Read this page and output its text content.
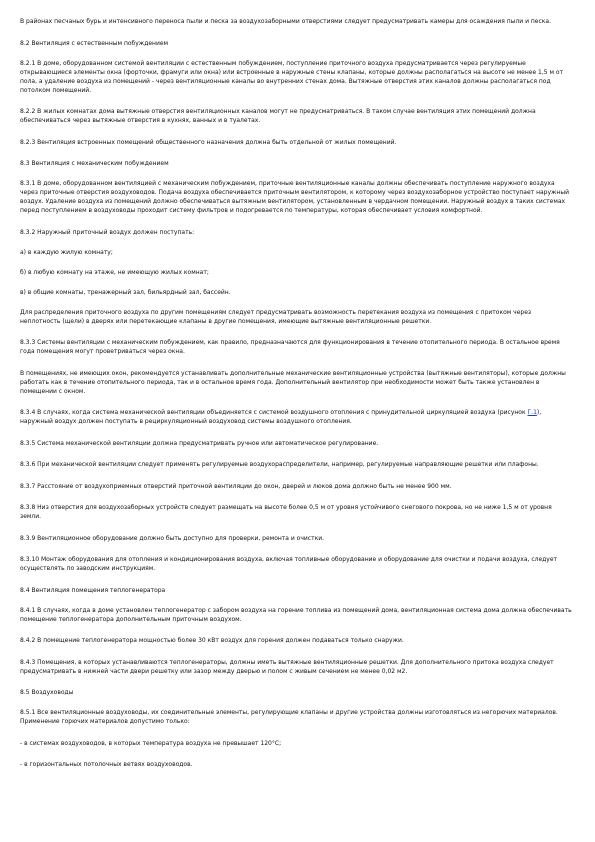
В районах песчаных бурь и интенсивного переноса пыли и песка за воздухозаборными отверстиями следует предусматривать камеры для осаждения пыли и песка.

8.2 Вентиляция с естественным побуждением

8.2.1 В доме, оборудованном системой вентиляции с естественным побуждением, поступление приточного воздуха предусматривается через регулируемые открывающиеся элементы окна (форточки, фрамуги или окна) или встроенные в наружные стены клапаны, которые должны располагаться на высоте не менее 1,5 м от пола, а удаление воздуха из помещений - через вентиляционные каналы во внутренних стенах дома. Вытяжные отверстия этих каналов должны располагаться под потолком помещений.

8.2.2 В жилых комнатах дома вытяжные отверстия вентиляционных каналов могут не предусматриваться. В таком случае вентиляция этих помещений должна обеспечиваться через вытяжные отверстия в кухнях, ванных и в туалетах.

8.2.3 Вентиляция встроенных помещений общественного назначения должна быть отдельной от жилых помещений.

8.3 Вентиляция с механическим побуждением

8.3.1 В доме, оборудованном вентиляцией с механическим побуждением, приточные вентиляционные каналы должны обеспечивать поступление наружного воздуха через приточные отверстия воздуховодов. Подача воздуха обеспечивается приточным вентилятором, к которому через воздухозаборное устройство поступает наружный воздух. Удаление воздуха из помещений должно обеспечиваться вытяжным вентилятором, установленным в чердачном помещении. Наружный воздух в таких системах перед поступлением в воздуховоды проходит систему фильтров и подогревается по температуры, которая обеспечивает условия комфортной.

8.3.2 Наружный приточный воздух должен поступать:

а) в каждую жилую комнату;

б) в любую комнату на этаже, не имеющую жилых комнат;

в) в общие комнаты, тренажерный зал, бильярдный зал, бассейн.

Для распределения приточного воздуха по другим помещениям следует предусматривать возможность перетекания воздуха из помещения с притоком через неплотность (щели) в дверях или перетекающие клапаны в другие помещения, имеющие вытяжные вентиляционные решетки.

8.3.3 Системы вентиляции с механическим побуждением, как правило, предназначаются для функционирования в течение отопительного периода. В остальное время года помещения могут проветриваться через окна.

В помещениях, не имеющих окон, рекомендуется устанавливать дополнительные механические вентиляционные устройства (вытяжные вентиляторы), которые должны работать как в течение отопительного периода, так и в остальное время года. Дополнительный вентилятор при необходимости может быть также установлен в помещении с окном.

8.3.4 В случаях, когда система механической вентиляции объединяется с системой воздушного отопления с принудительной циркуляцией воздуха (рисунок Г.1), наружный воздух должен поступать в рециркуляционный воздуховод системы воздушного отопления.

8.3.5 Система механической вентиляции должна предусматривать ручное или автоматическое регулирование.

8.3.6 При механической вентиляции следует применять регулируемые воздухораспределители, например, регулируемые направляющие решетки или плафоны.

8.3.7 Расстояние от воздухоприемных отверстий приточной вентиляции до окон, дверей и люков дома должно быть не менее 900 мм.

8.3.8 Низ отверстия для воздухозаборных устройств следует размещать на высоте более 0,5 м от уровня устойчивого снегового покрова, но не ниже 1,5 м от уровня земли.

8.3.9 Вентиляционное оборудование должно быть доступно для проверки, ремонта и очистки.

8.3.10 Монтаж оборудования для отопления и кондиционирования воздуха, включая топливные оборудование и оборудование для очистки и подачи воздуха, следует осуществлять по заводским инструкциям.

8.4 Вентиляция помещения теплогенератора

8.4.1 В случаях, когда в доме установлен теплогенератор с забором воздуха на горение топлива из помещений дома, вентиляционная система дома должна обеспечивать помещение теплогенератора дополнительным приточным воздухом.

8.4.2 В помещение теплогенератора мощностью более 30 кВт воздух для горения должен подаваться только снаружи.

8.4.3 Помещения, в которых устанавливаются теплогенераторы, должны иметь вытяжные вентиляционные решетки. Для дополнительного притока воздуха следует предусматривать в нижней части двери решетку или зазор между дверью и полом с живым сечением не менее 0,02 м2.

8.5 Воздуховоды

8.5.1 Все вентиляционные воздуховоды, их соединительные элементы, регулирующие клапаны и другие устройства должны изготовляться из негорючих материалов. Применение горючих материалов допустимо только:

- в системах воздуховодов, в которых температура воздуха не превышает 120°C;

- в горизонтальных потолочных ветвях воздуховодов.
